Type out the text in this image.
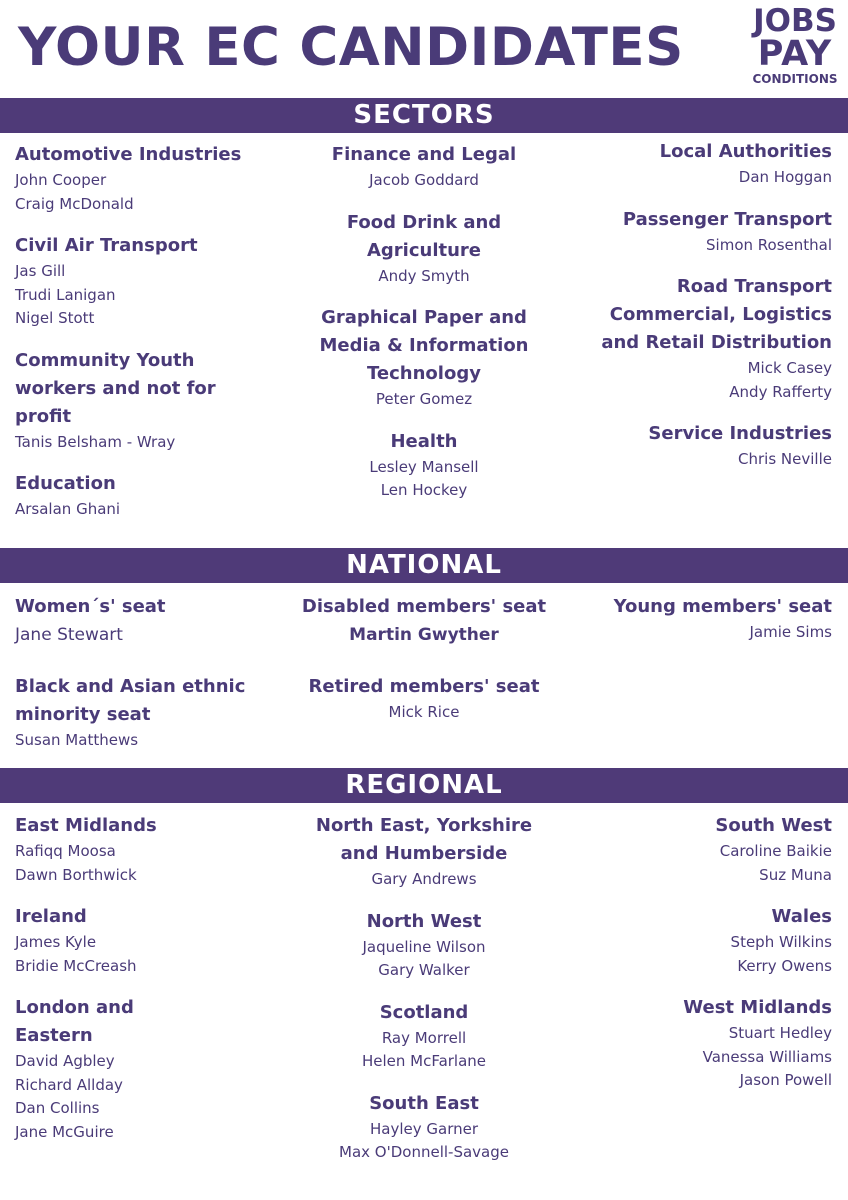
YOUR EC CANDIDATES JOBS
PAY
CONDITIONS
SECTORS
Automotive Industries
John Cooper
Craig McDonald
Civil Air Transport
Jas Gill
Trudi Lanigan
Nigel Stott
Community Youth workers and not for profit
Tanis Belsham - Wray
Education
Arsalan Ghani
Finance and Legal
Jacob Goddard
Food Drink and Agriculture
Andy Smyth
Graphical Paper and Media & Information Technology
Peter Gomez
Health
Lesley Mansell
Len Hockey
Local Authorities
Dan Hoggan
Passenger Transport
Simon Rosenthal
Road Transport Commercial, Logistics and Retail Distribution
Mick Casey
Andy Rafferty
Service Industries
Chris Neville
NATIONAL
Women´s' seat
Jane Stewart
Black and Asian ethnic minority seat
Susan Matthews
Disabled members' seat
Martin Gwyther
Retired members' seat
Mick Rice
Young members' seat
Jamie Sims
REGIONAL
East Midlands
Rafiqq Moosa
Dawn Borthwick
Ireland
James Kyle
Bridie McCreash
London and Eastern
David Agbley
Richard Allday
Dan Collins
Jane McGuire
North East, Yorkshire and Humberside
Gary Andrews
North West
Jaqueline Wilson
Gary Walker
Scotland
Ray Morrell
Helen McFarlane
South East
Hayley Garner
Max O'Donnell-Savage
South West
Caroline Baikie
Suz Muna
Wales
Steph Wilkins
Kerry Owens
West Midlands
Stuart Hedley
Vanessa Williams
Jason Powell
